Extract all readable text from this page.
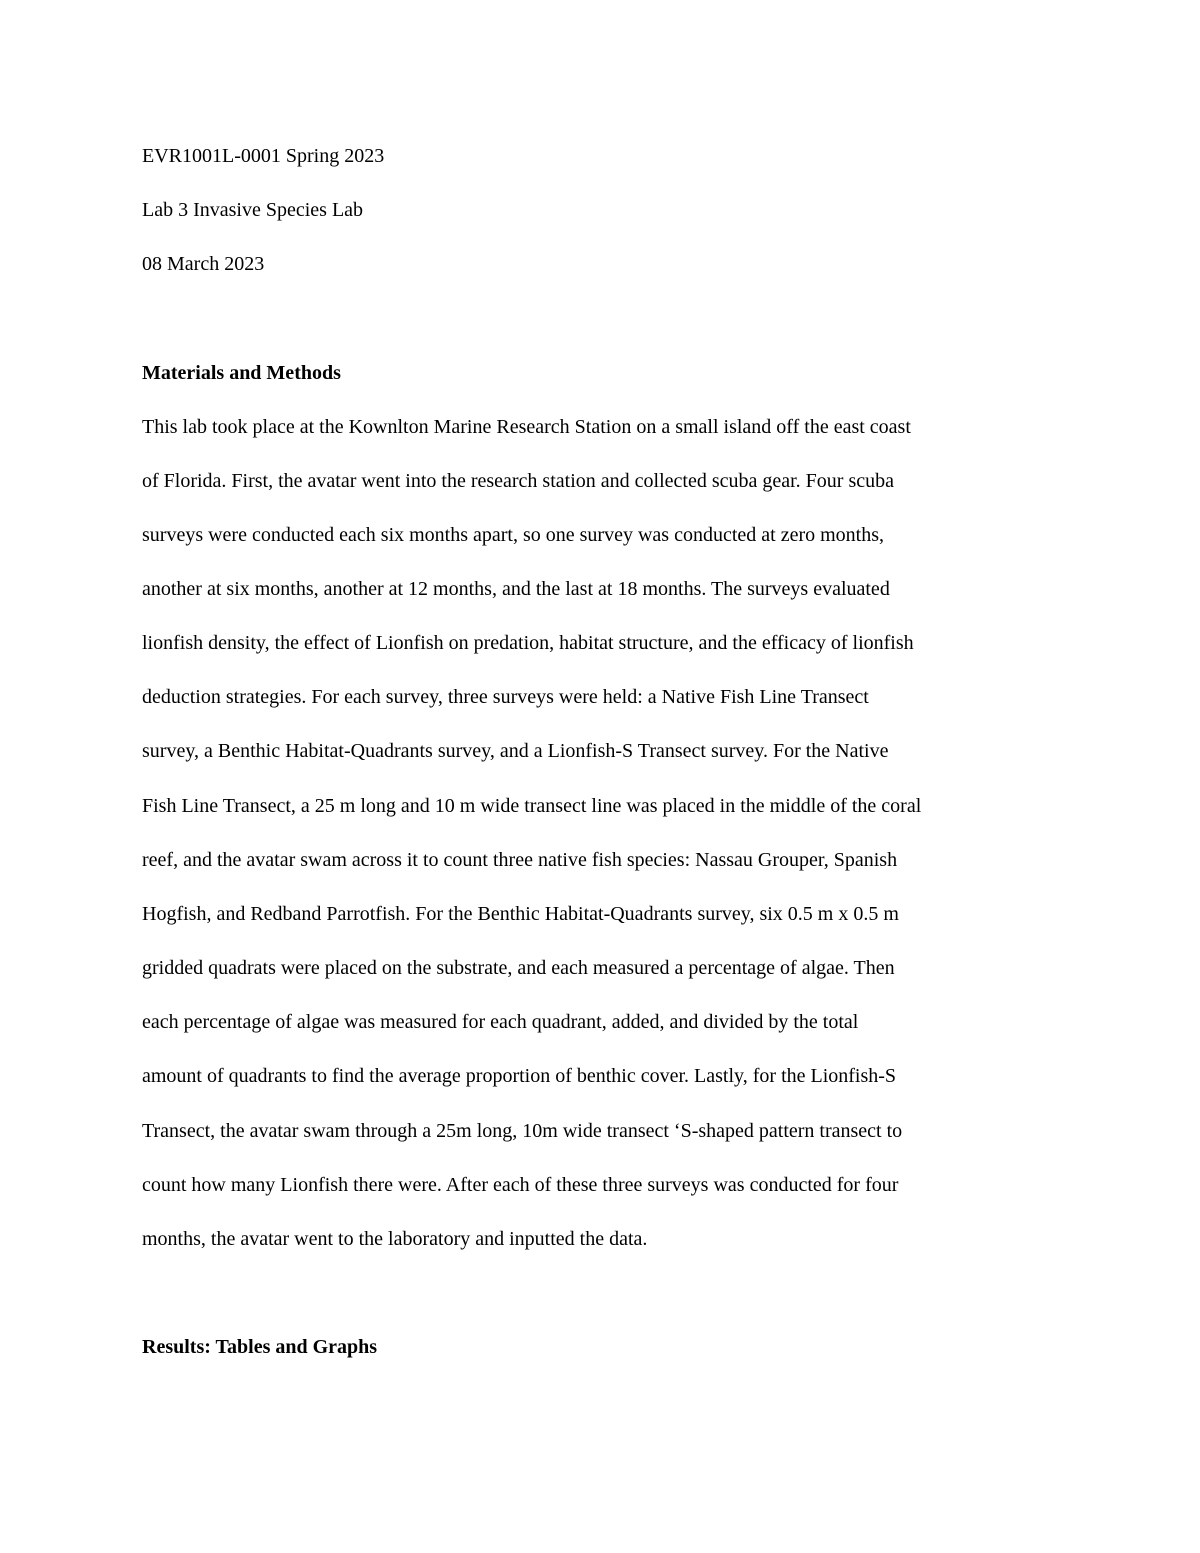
EVR1001L-0001 Spring 2023

Lab 3 Invasive Species Lab

08 March 2023

Materials and Methods

This lab took place at the Kownlton Marine Research Station on a small island off the east coast

of Florida. First, the avatar went into the research station and collected scuba gear. Four scuba

surveys were conducted each six months apart, so one survey was conducted at zero months,

another at six months, another at 12 months, and the last at 18 months. The surveys evaluated

lionfish density, the effect of Lionfish on predation, habitat structure, and the efficacy of lionfish

deduction strategies. For each survey, three surveys were held: a Native Fish Line Transect

survey, a Benthic Habitat-Quadrants survey, and a Lionfish-S Transect survey. For the Native

Fish Line Transect, a 25 m long and 10 m wide transect line was placed in the middle of the coral

reef, and the avatar swam across it to count three native fish species: Nassau Grouper, Spanish

Hogfish, and Redband Parrotfish. For the Benthic Habitat-Quadrants survey, six 0.5 m x 0.5 m

gridded quadrats were placed on the substrate, and each measured a percentage of algae. Then

each percentage of algae was measured for each quadrant, added, and divided by the total

amount of quadrants to find the average proportion of benthic cover. Lastly, for the Lionfish-S

Transect, the avatar swam through a 25m long, 10m wide transect ‘S-shaped pattern transect to

count how many Lionfish there were. After each of these three surveys was conducted for four

months, the avatar went to the laboratory and inputted the data.

Results: Tables and Graphs
